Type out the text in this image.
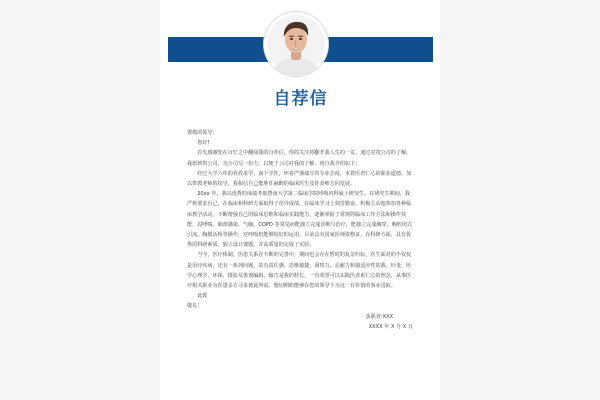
自荐信

尊敬的领导：

您好!

首先感谢您在百忙之中翻阅我的自荐信，你的关注将翻开我人生的一页。通过对贵公司的了解，我愿到贵公司，为公司尽一份力，以便于公司对我的了解，现自我介绍如下：

经过大学六年的孜孜求学，南下学医，怀着严谨端庄的专业态度，本着医者仁心的职业道德，加以带教老师的指导，我相信自己能胜任麻醉的临床医生及针灸师方向发展。

20xx 年，我以优秀的成绩考取暨南大学第二临床学院呼吸内科硕士研究生。在研究生期间，我严格要求自己，在临床和科研方面取得了优异成绩。在临床学习上刻苦勤奋，积极主动地参加各种临床教学活动，不断增强自己的临床思维和临床实践能力，逐渐掌握了常规的临床工作方法和操作技能，对哮喘、肺部感染、气胸、COPD 等常见病能独立完成诊断与治疗，能独立完成胸穿、胸腔闭式引流、胸膜活检等操作，对呼吸机能够较好的运用。目前具有国家医师资格证。在科研方面，具有优秀的科研素质，独立设计课题，并高质量的完成了实验。

当今，医疗体制，医患关系在不断的完善中，期间也会存在暂时的复杂纷纭，医生面对的不仅仅是治疗疾病，还有一系列问题，故有责任感，思维敏捷，洞察力，忍耐力和强适应性的我，针灸，医学心理学，环保，摄影及策划编辑，输告是我的特长，一直希望可以实践医者系仁心的理念，从事医疗相关职业为医患多方寻求彼此所需。殷切期盼能够在您的领导下为这一有价值的事业进取。

此致

敬礼！

求职者:XXX

XXXX 年 X 月 X 日
